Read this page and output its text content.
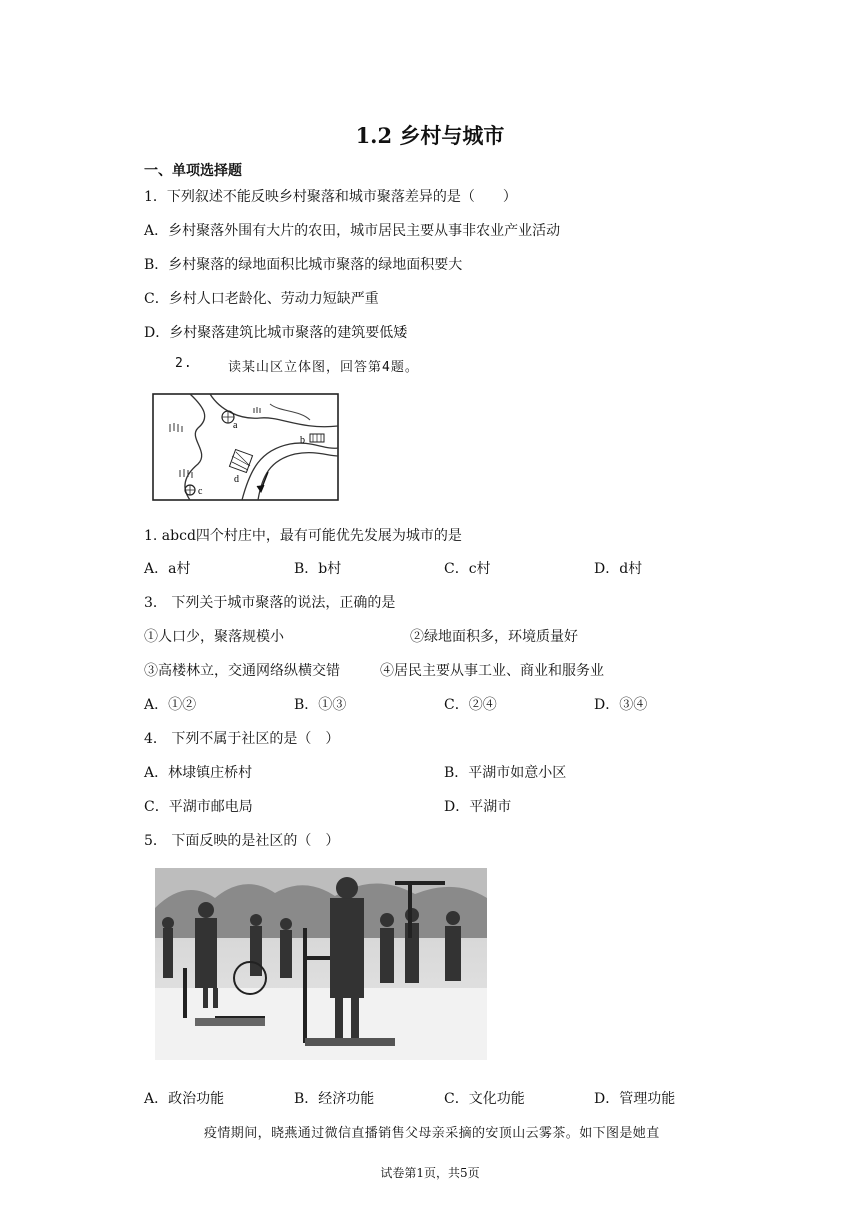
1.2 乡村与城市
一、单项选择题
1．下列叙述不能反映乡村聚落和城市聚落差异的是（　　）
A．乡村聚落外围有大片的农田，城市居民主要从事非农业产业活动
B．乡村聚落的绿地面积比城市聚落的绿地面积要大
C．乡村人口老龄化、劳动力短缺严重
D．乡村聚落建筑比城市聚落的建筑要低矮
2.	读某山区立体图，回答第4题。
a
b
d
c
1. abcd四个村庄中，最有可能优先发展为城市的是
A．a村	B．b村	C．c村	D．d村
3． 下列关于城市聚落的说法，正确的是
①人口少，聚落规模小	②绿地面积多，环境质量好
③高楼林立，交通网络纵横交错	④居民主要从事工业、商业和服务业
A．①②	B．①③	C．②④	D．③④
4． 下列不属于社区的是（　）
A．林埭镇庄桥村	B．平湖市如意小区
C．平湖市邮电局	D．平湖市
5． 下面反映的是社区的（　）
A．政治功能	B．经济功能	C．文化功能	D．管理功能
疫情期间，晓燕通过微信直播销售父母亲采摘的安顶山云雾茶。如下图是她直
试卷第1页，共5页
